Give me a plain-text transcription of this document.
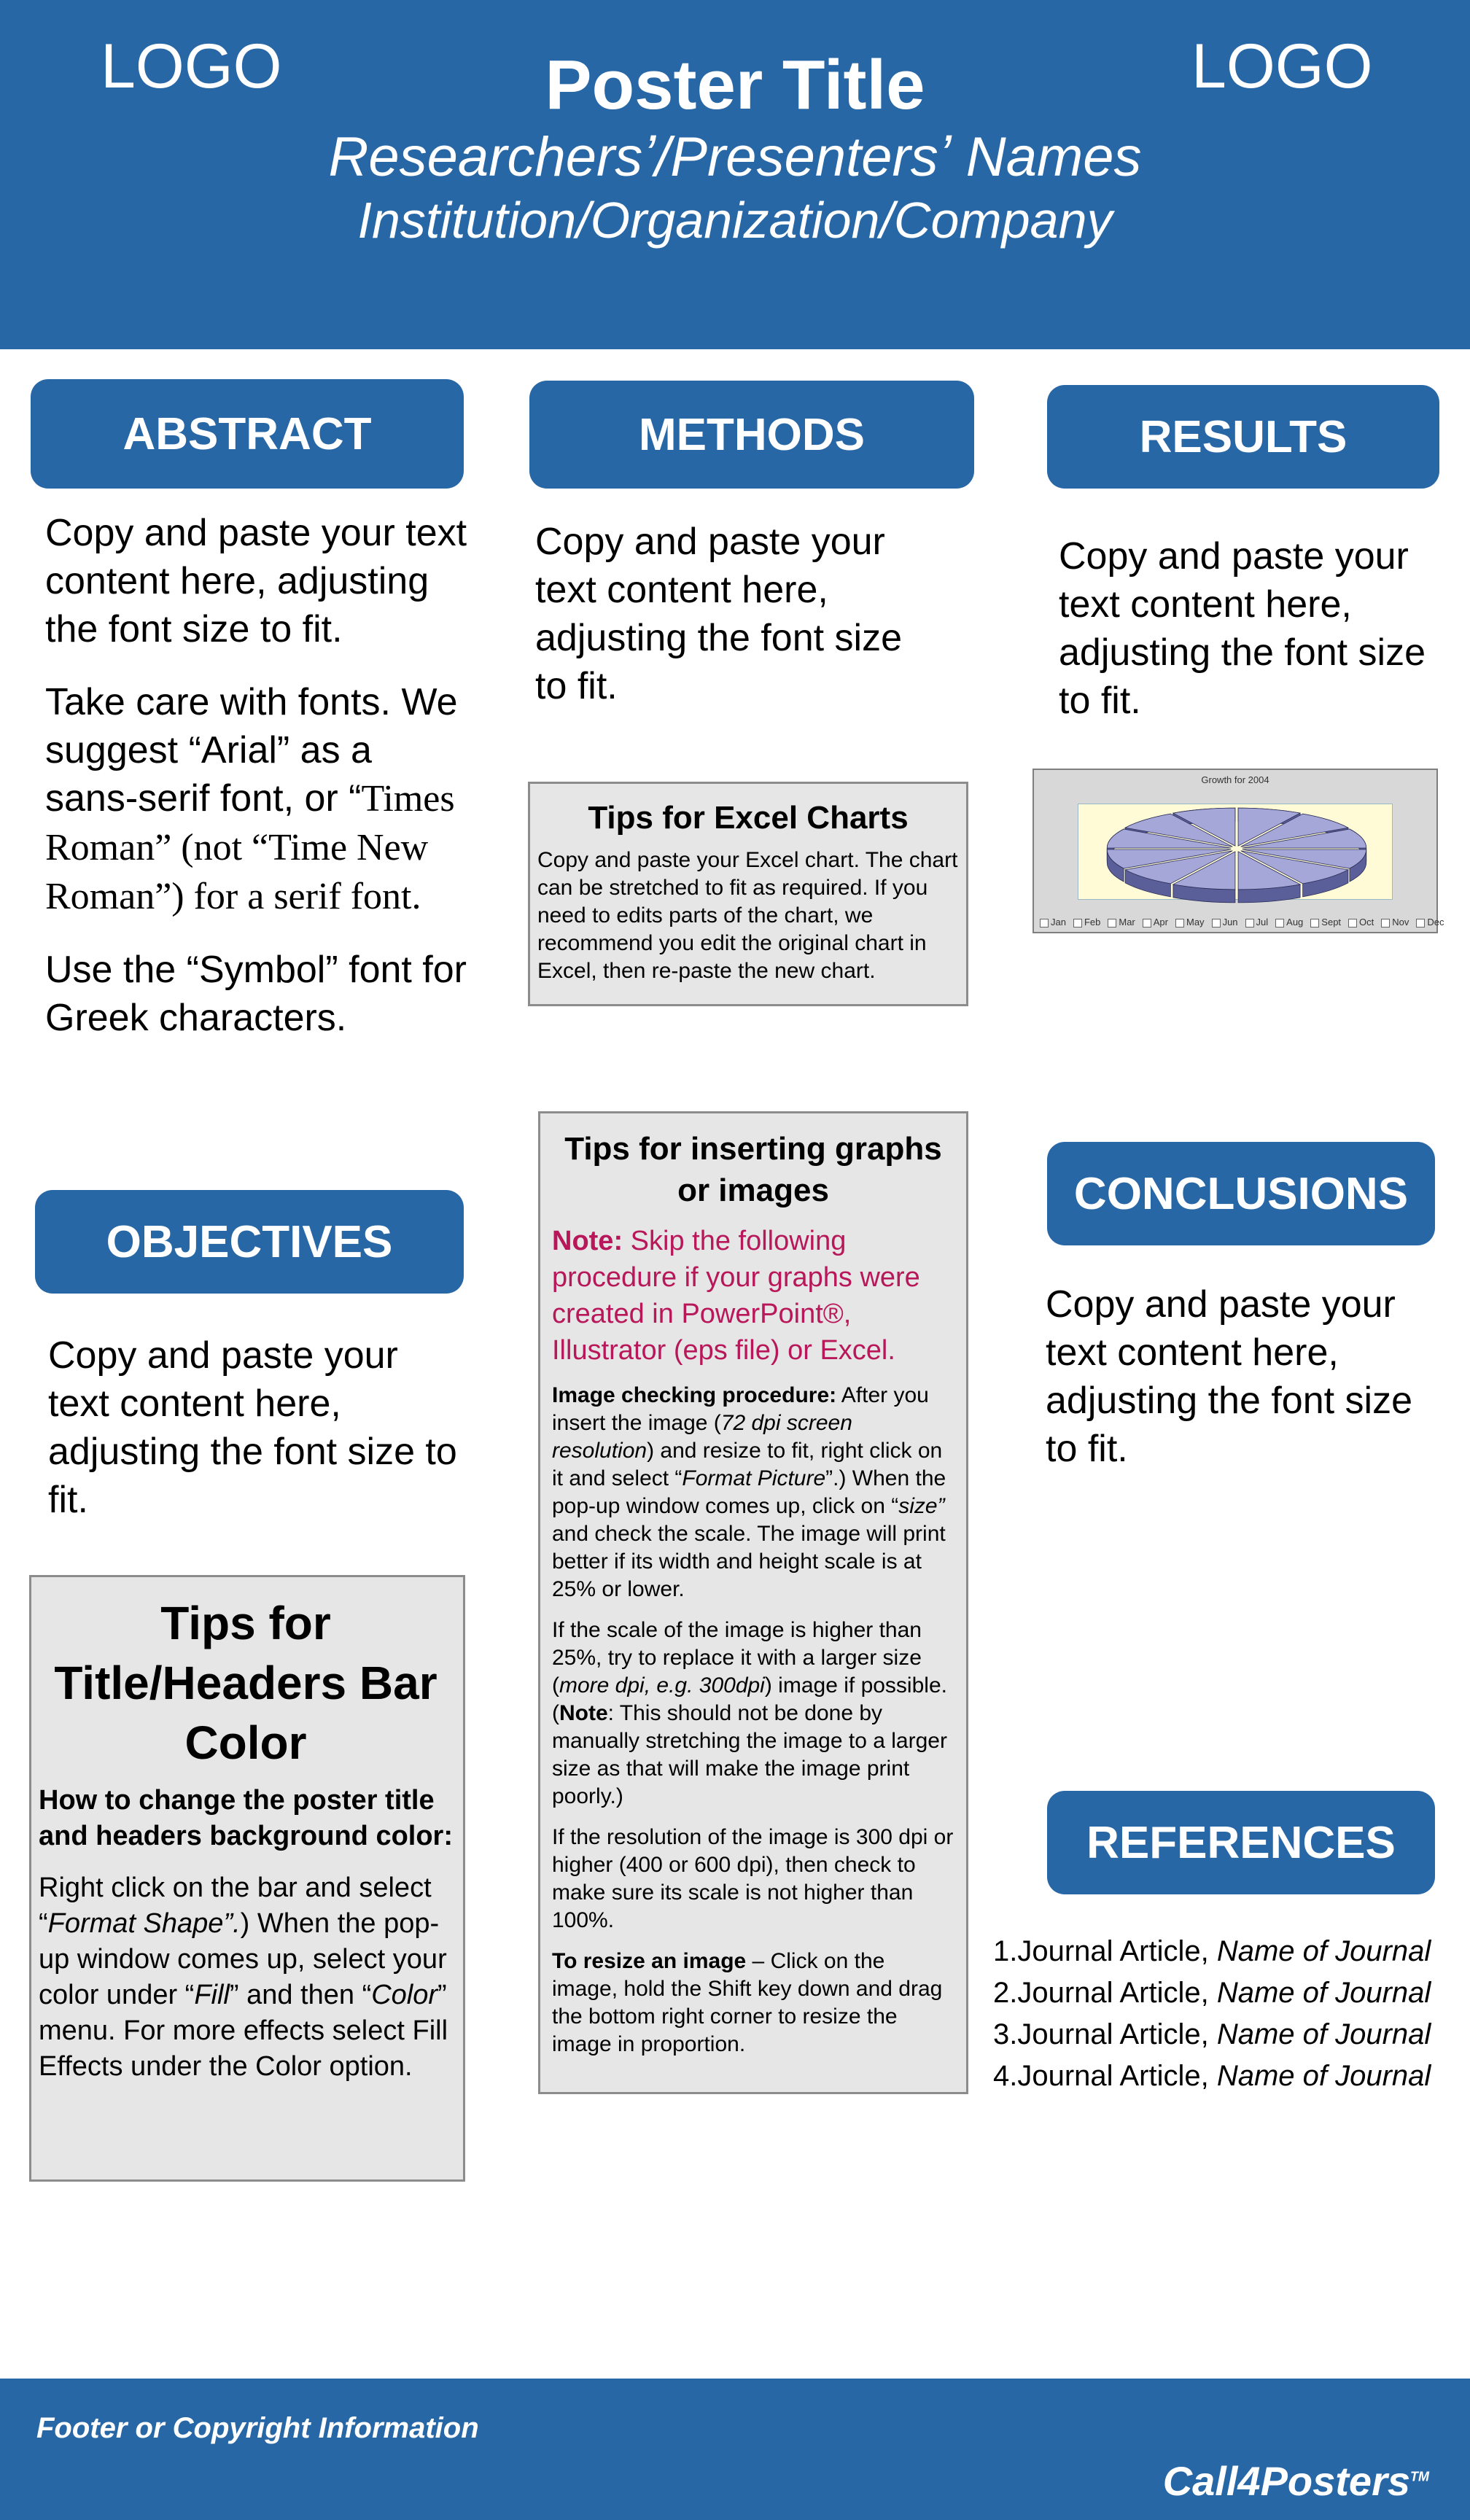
LOGO	LOGO
Poster Title
Researchersʼ/Presentersʼ Names
Institution/Organization/Company
ABSTRACT

Copy and paste your text content here, adjusting the font size to fit.

Take care with fonts. We suggest “Arial” as a sans-serif font, or “Times Roman” (not “Time New Roman”) for a serif font.

Use the “Symbol” font for Greek characters.

OBJECTIVES

Copy and paste your text content here, adjusting the font size to fit.

Tips for Title/Headers Bar Color
How to change the poster title and headers background color:
Right click on the bar and select “Format Shape”.) When the pop-up window comes up, select your color under “Fill” and then “Color” menu. For more effects select Fill Effects under the Color option.
METHODS

Copy and paste your text content here, adjusting the font size to fit.

Tips for Excel Charts
Copy and paste your Excel chart. The chart can be stretched to fit as required. If you need to edits parts of the chart, we recommend you edit the original chart in Excel, then re-paste the new chart.
Tips for inserting graphs or images
Note: Skip the following procedure if your graphs were created in PowerPoint®, Illustrator (eps file) or Excel.

Image checking procedure: After you insert the image (72 dpi screen resolution) and resize to fit, right click on it and select “Format Picture”.) When the pop-up window comes up, click on “size” and check the scale. The image will print better if its width and height scale is at 25% or lower.

If the scale of the image is higher than 25%, try to replace it with a larger size (more dpi, e.g. 300dpi) image if possible. (Note: This should not be done by manually stretching the image to a larger size as that will make the image print poorly.)

If the resolution of the image is 300 dpi or higher (400 or 600 dpi), then check to make sure its scale is not higher than 100%.

To resize an image – Click on the image, hold the Shift key down and drag the bottom right corner to resize the image in proportion.

RESULTS

Copy and paste your text content here, adjusting the font size to fit.

Growth for 2004
Jan Feb Mar Apr May Jun Jul Aug Sept Oct Nov Dec
CONCLUSIONS

Copy and paste your text content here, adjusting the font size to fit.

REFERENCES
1.Journal Article, Name of Journal
2.Journal Article, Name of Journal
3.Journal Article, Name of Journal
4.Journal Article, Name of Journal
Footer or Copyright Information
Call4Posters™
